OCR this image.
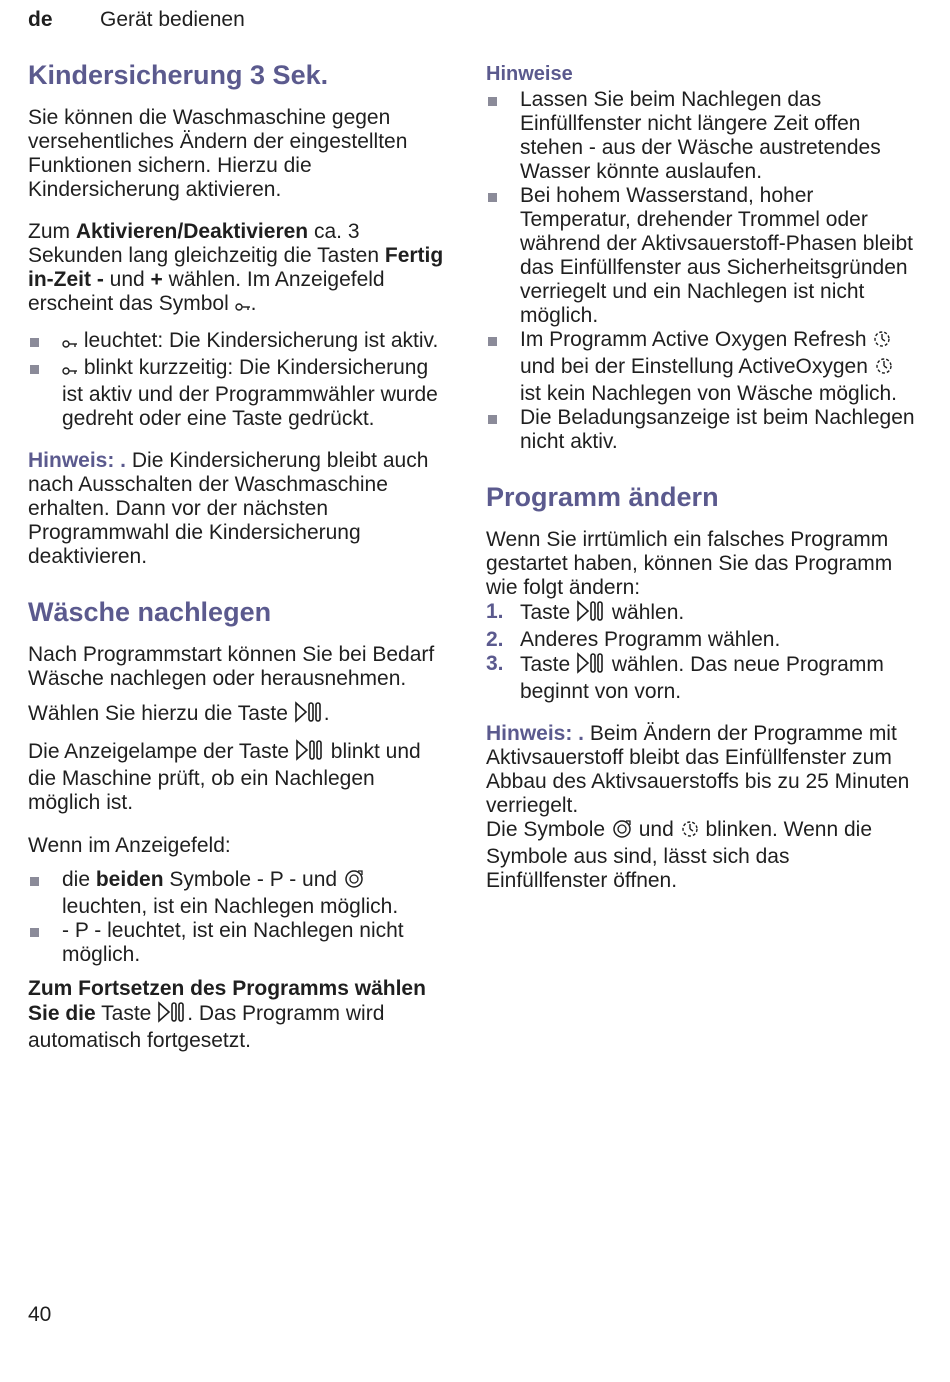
de Gerät bedienen
Kindersicherung 3 Sek.

Sie können die Waschmaschine gegen versehentliches Ändern der eingestellten Funktionen sichern. Hierzu die Kindersicherung aktivieren.

Zum Aktivieren/Deaktivieren ca. 3 Sekunden lang gleichzeitig die Tasten Fertig in-Zeit - und + wählen. Im Anzeigefeld erscheint das Symbol .

leuchtet: Die Kindersicherung ist aktiv.
blinkt kurzzeitig: Die Kindersicherung ist aktiv und der Programmwähler wurde gedreht oder eine Taste gedrückt.

Hinweis: . Die Kindersicherung bleibt auch nach Ausschalten der Waschmaschine erhalten. Dann vor der nächsten Programmwahl die Kindersicherung deaktivieren.

Wäsche nachlegen

Nach Programmstart können Sie bei Bedarf Wäsche nachlegen oder herausnehmen.

Wählen Sie hierzu die Taste .

Die Anzeigelampe der Taste  blinkt und die Maschine prüft, ob ein Nachlegen möglich ist.

Wenn im Anzeigefeld:

die beiden Symbole - P - und  leuchten, ist ein Nachlegen möglich.
- P - leuchtet, ist ein Nachlegen nicht möglich.

Zum Fortsetzen des Programms wählen Sie die Taste . Das Programm wird automatisch fortgesetzt.

Hinweise
Lassen Sie beim Nachlegen das Einfüllfenster nicht längere Zeit offen stehen - aus der Wäsche austretendes Wasser könnte auslaufen.
Bei hohem Wasserstand, hoher Temperatur, drehender Trommel oder während der Aktivsauerstoff-Phasen bleibt das Einfüllfenster aus Sicherheitsgründen verriegelt und ein Nachlegen ist nicht möglich.
Im Programm Active Oxygen Refresh  und bei der Einstellung ActiveOxygen  ist kein Nachlegen von Wäsche möglich.
Die Beladungsanzeige ist beim Nachlegen nicht aktiv.
Programm ändern

Wenn Sie irrtümlich ein falsches Programm gestartet haben, können Sie das Programm wie folgt ändern:

1. Taste  wählen.
2. Anderes Programm wählen.
3. Taste  wählen. Das neue Programm beginnt von vorn.

Hinweis: . Beim Ändern der Programme mit Aktivsauerstoff bleibt das Einfüllfenster zum Abbau des Aktivsauerstoffs bis zu 25 Minuten verriegelt.

Die Symbole  und  blinken. Wenn die Symbole aus sind, lässt sich das Einfüllfenster öffnen.

40
